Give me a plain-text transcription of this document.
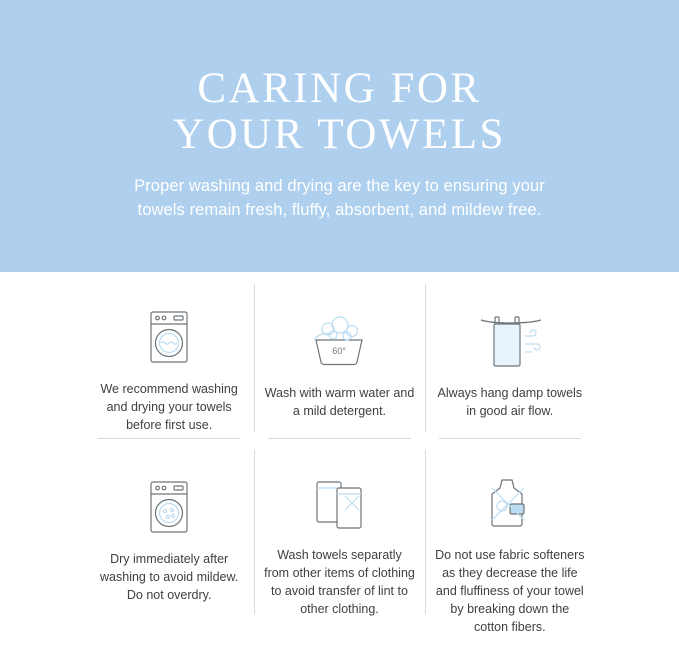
CARING FOR
YOUR TOWELS
Proper washing and drying are the key to ensuring your towels remain fresh, fluffy, absorbent, and mildew free.
We recommend washing and drying your towels before first use.
60°
Wash with warm water and a mild detergent.
Always hang damp towels in good air flow.
Dry immediately after washing to avoid mildew. Do not overdry.
Wash towels separatly from other items of clothing to avoid transfer of lint to other clothing.
Do not use fabric softeners as they decrease the life and fluffiness of your towel by breaking down the cotton fibers.
